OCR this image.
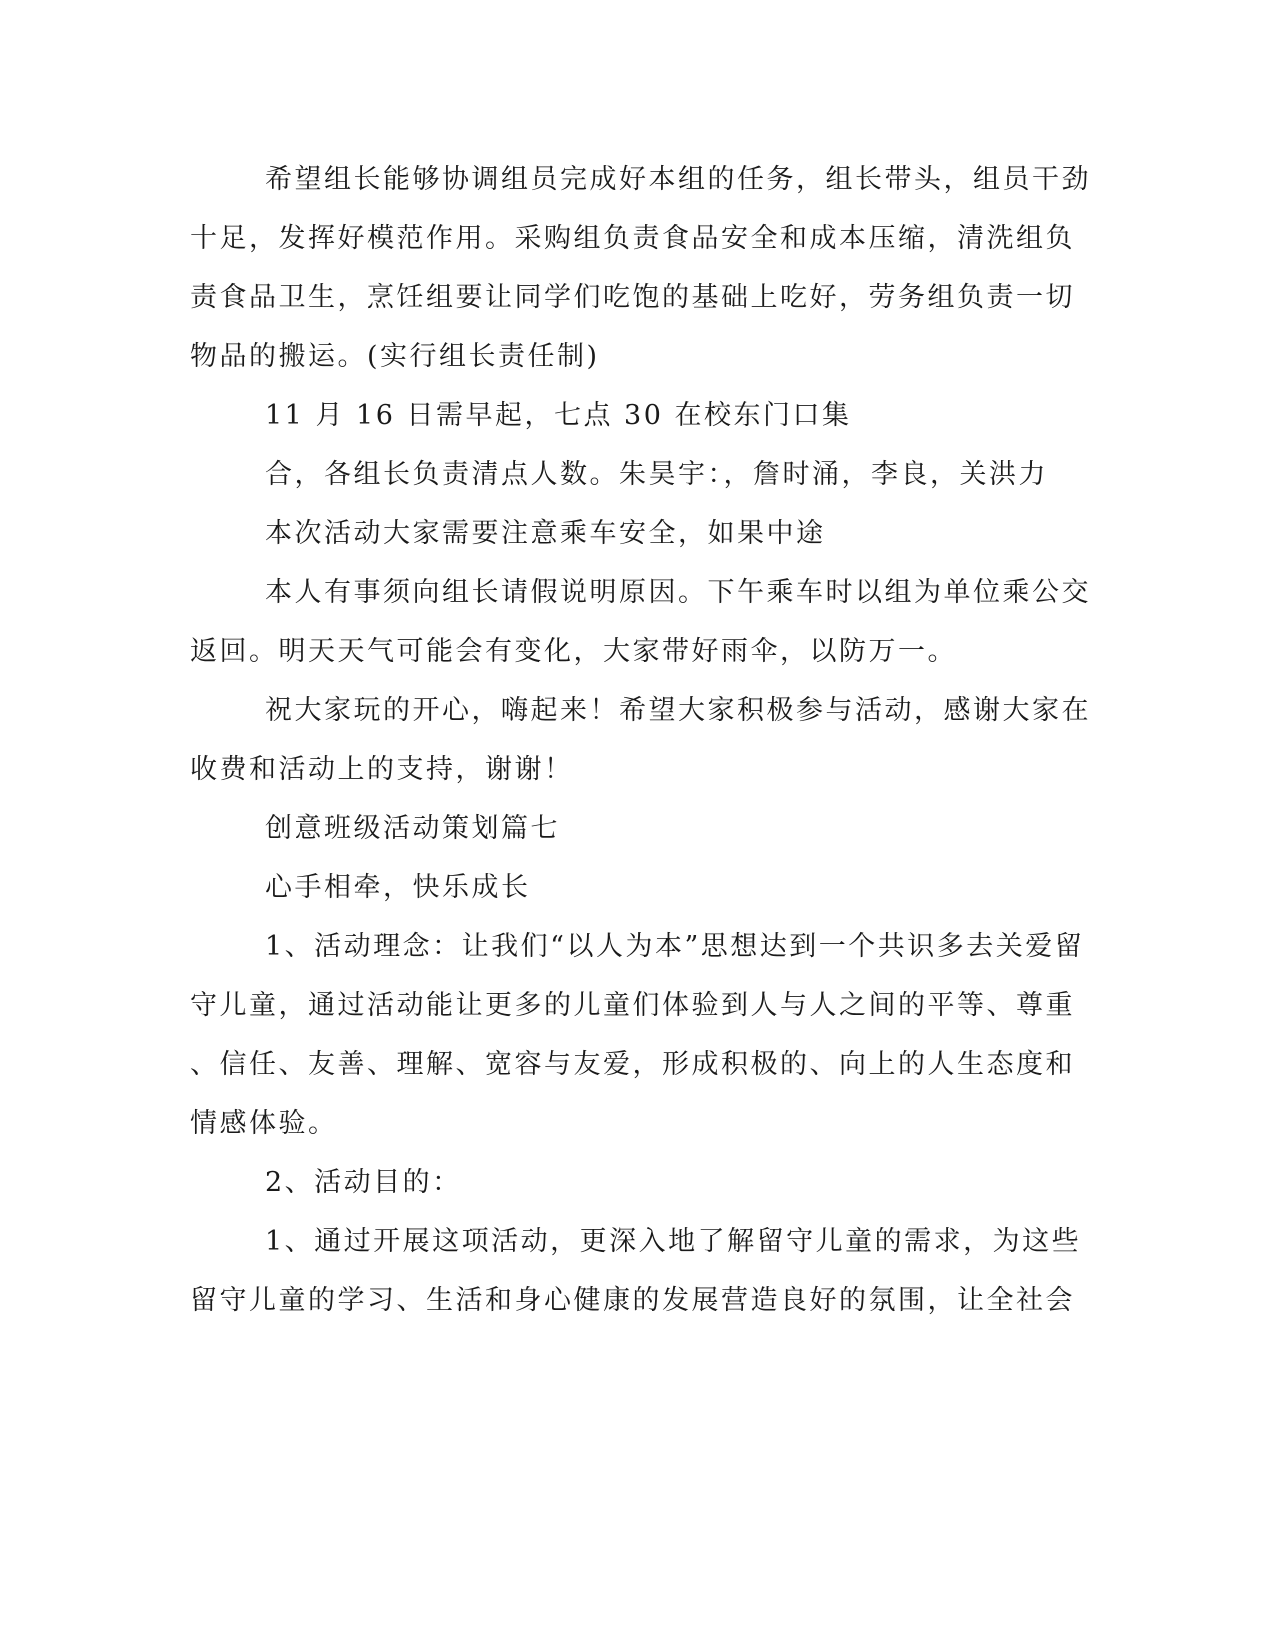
希望组长能够协调组员完成好本组的任务，组长带头，组员干劲
十足，发挥好模范作用。采购组负责食品安全和成本压缩，清洗组负
责食品卫生，烹饪组要让同学们吃饱的基础上吃好，劳务组负责一切
物品的搬运。(实行组长责任制)
11 月 16 日需早起，七点 30 在校东门口集
合，各组长负责清点人数。朱昊宇：，詹时涌，李良，关洪力
本次活动大家需要注意乘车安全，如果中途
本人有事须向组长请假说明原因。下午乘车时以组为单位乘公交
返回。明天天气可能会有变化，大家带好雨伞，以防万一。
祝大家玩的开心，嗨起来！希望大家积极参与活动，感谢大家在
收费和活动上的支持，谢谢！
创意班级活动策划篇七
心手相牵，快乐成长
1、活动理念：让我们“以人为本”思想达到一个共识多去关爱留
守儿童，通过活动能让更多的儿童们体验到人与人之间的平等、尊重
、信任、友善、理解、宽容与友爱，形成积极的、向上的人生态度和
情感体验。
2、活动目的：
1、通过开展这项活动，更深入地了解留守儿童的需求，为这些
留守儿童的学习、生活和身心健康的发展营造良好的氛围，让全社会
